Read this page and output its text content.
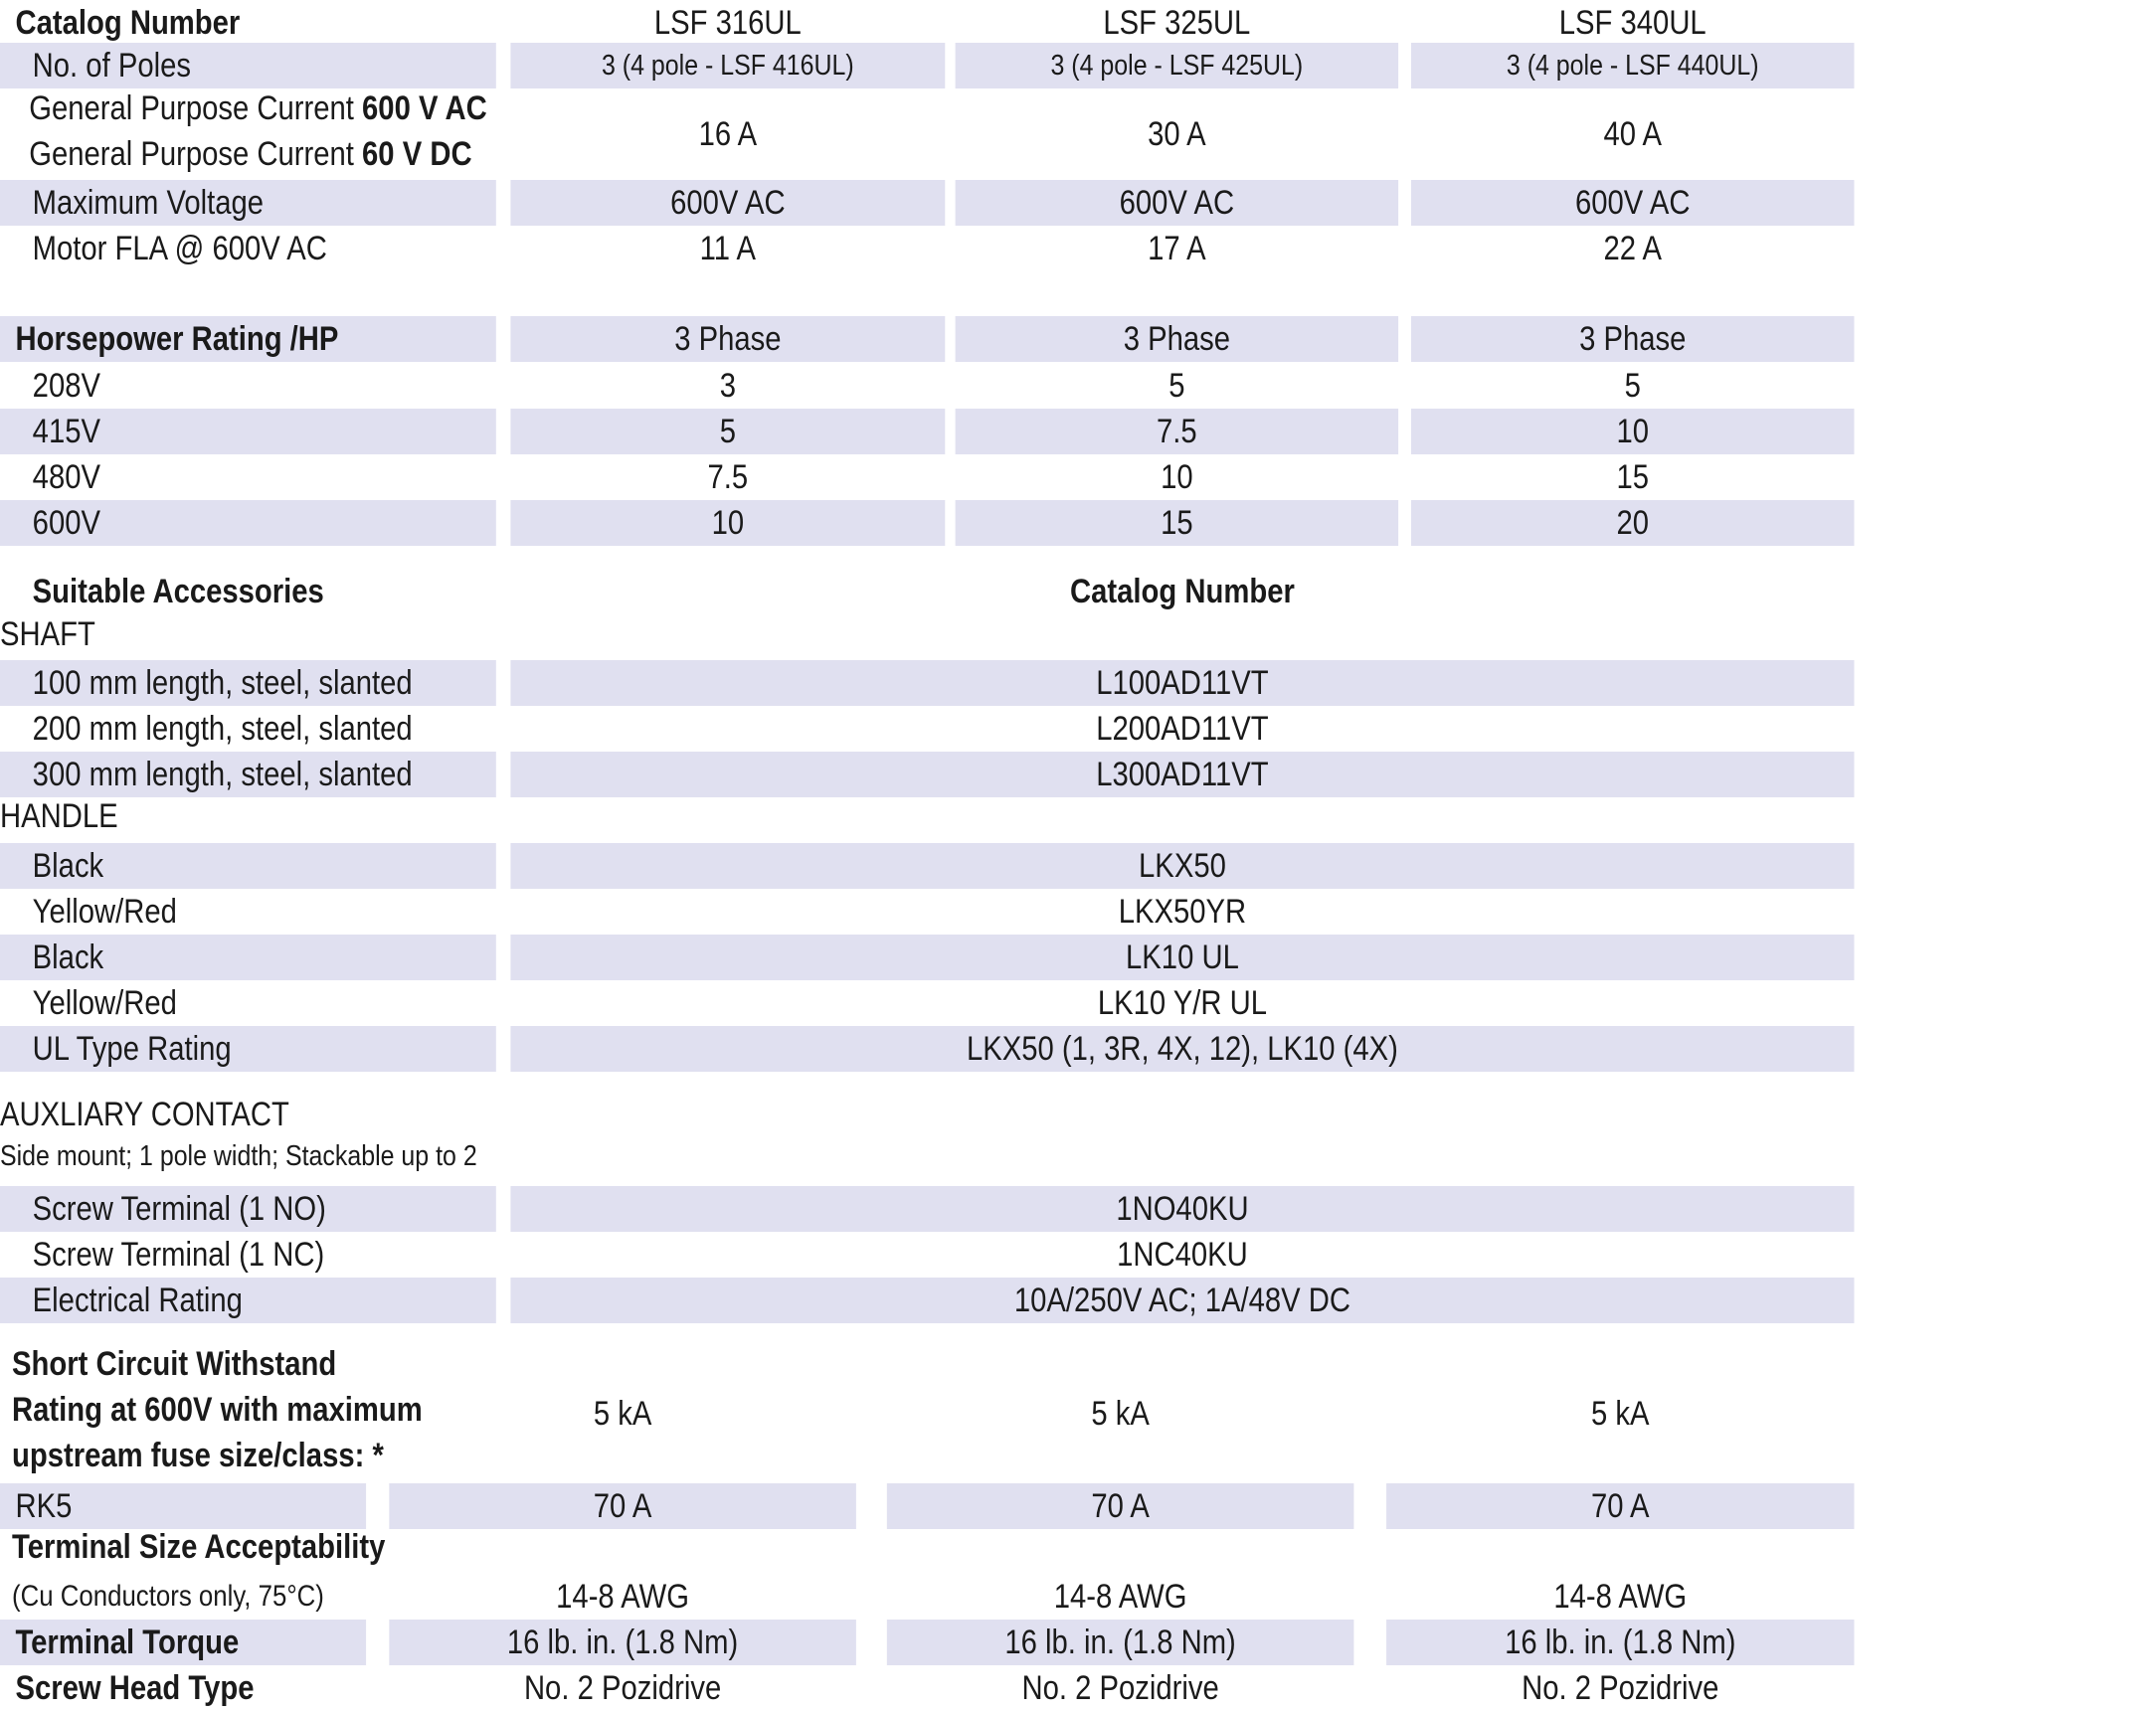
Catalog Number	LSF 316UL	LSF 325UL	LSF 340UL
No. of Poles	3 (4 pole - LSF 416UL)	3 (4 pole - LSF 425UL)	3 (4 pole - LSF 440UL)
General Purpose Current 600 V AC
General Purpose Current 60 V DC
16 A	30 A	40 A
Maximum Voltage	600V AC	600V AC	600V AC
Motor FLA @ 600V AC	11 A	17 A	22 A
Horsepower Rating /HP	3 Phase	3 Phase	3 Phase
208V	3	5	5
415V	5	7.5	10
480V	7.5	10	15
600V	10	15	20
Suitable Accessories	Catalog Number
SHAFT
100 mm length, steel, slanted	L100AD11VT
200 mm length, steel, slanted	L200AD11VT
300 mm length, steel, slanted	L300AD11VT
HANDLE
Black	LKX50
Yellow/Red	LKX50YR
Black	LK10 UL
Yellow/Red	LK10 Y/R UL
UL Type Rating	LKX50 (1, 3R, 4X, 12), LK10 (4X)
AUXLIARY CONTACT
Side mount; 1 pole width; Stackable up to 2
Screw Terminal (1 NO)	1NO40KU
Screw Terminal (1 NC)	1NC40KU
Electrical Rating	10A/250V AC; 1A/48V DC
Short Circuit Withstand
Rating at 600V with maximum
upstream fuse size/class: *
5 kA	5 kA	5 kA
RK5	70 A	70 A	70 A
Terminal Size Acceptability
(Cu Conductors only, 75°C)	14-8 AWG	14-8 AWG	14-8 AWG
Terminal Torque	16 lb. in. (1.8 Nm)	16 lb. in. (1.8 Nm)	16 lb. in. (1.8 Nm)
Screw Head Type	No. 2 Pozidrive	No. 2 Pozidrive	No. 2 Pozidrive
